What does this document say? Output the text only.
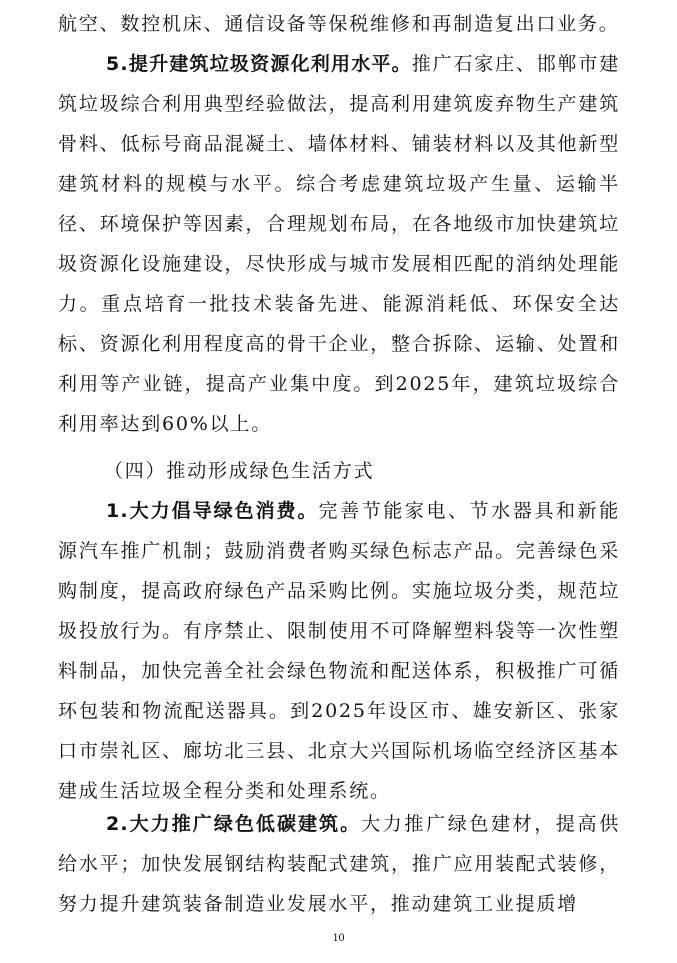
航空、数控机床、通信设备等保税维修和再制造复出口业务。

5.提升建筑垃圾资源化利用水平。推广石家庄、邯郸市建筑垃圾综合利用典型经验做法，提高利用建筑废弃物生产建筑骨料、低标号商品混凝土、墙体材料、铺装材料以及其他新型建筑材料的规模与水平。综合考虑建筑垃圾产生量、运输半径、环境保护等因素，合理规划布局，在各地级市加快建筑垃圾资源化设施建设，尽快形成与城市发展相匹配的消纳处理能力。重点培育一批技术装备先进、能源消耗低、环保安全达标、资源化利用程度高的骨干企业，整合拆除、运输、处置和利用等产业链，提高产业集中度。到2025年，建筑垃圾综合利用率达到60%以上。

（四）推动形成绿色生活方式

1.大力倡导绿色消费。完善节能家电、节水器具和新能源汽车推广机制；鼓励消费者购买绿色标志产品。完善绿色采购制度，提高政府绿色产品采购比例。实施垃圾分类，规范垃圾投放行为。有序禁止、限制使用不可降解塑料袋等一次性塑料制品，加快完善全社会绿色物流和配送体系，积极推广可循环包装和物流配送器具。到2025年设区市、雄安新区、张家口市崇礼区、廊坊北三县、北京大兴国际机场临空经济区基本建成生活垃圾全程分类和处理系统。

2.大力推广绿色低碳建筑。大力推广绿色建材，提高供给水平；加快发展钢结构装配式建筑，推广应用装配式装修，努力提升建筑装备制造业发展水平，推动建筑工业提质增

10
